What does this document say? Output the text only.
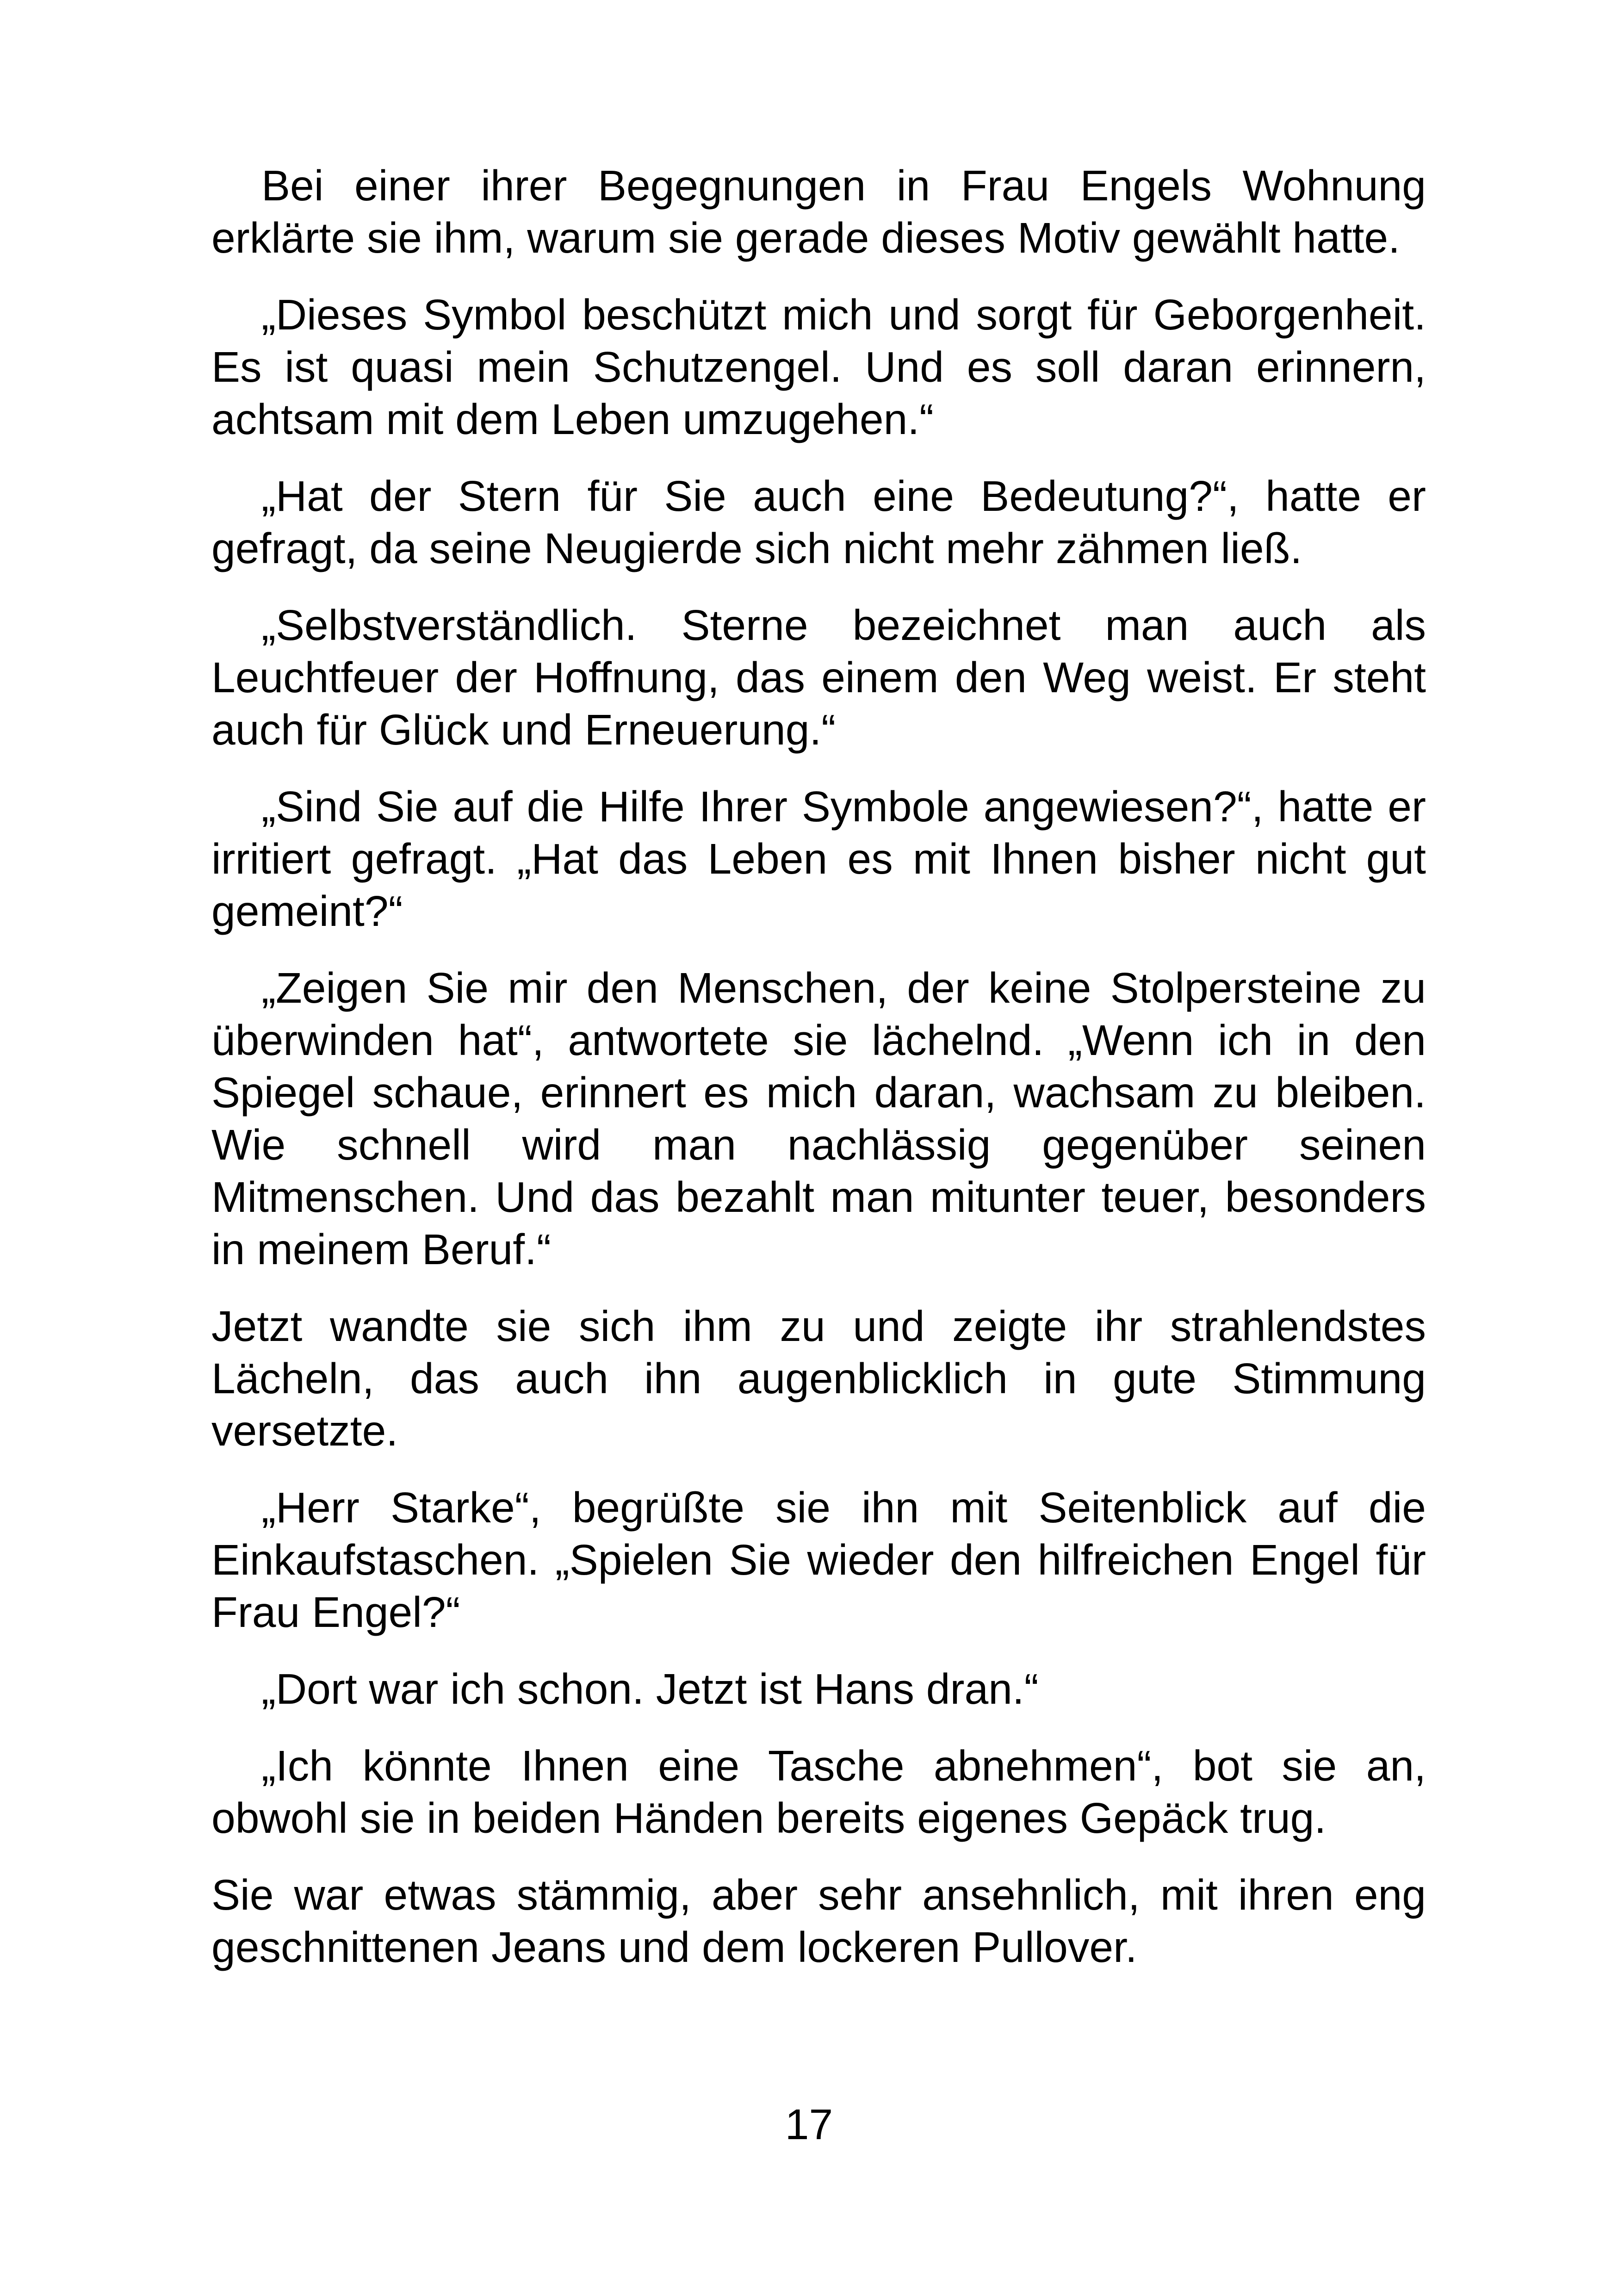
Bei einer ihrer Begegnungen in Frau Engels Wohnung erklärte sie ihm, warum sie gerade dieses Motiv gewählt hatte.

„Dieses Symbol beschützt mich und sorgt für Geborgenheit. Es ist quasi mein Schutzengel. Und es soll daran erinnern, achtsam mit dem Leben umzugehen.“

„Hat der Stern für Sie auch eine Bedeutung?“, hatte er gefragt, da seine Neugierde sich nicht mehr zähmen ließ.

„Selbstverständlich. Sterne bezeichnet man auch als Leuchtfeuer der Hoffnung, das einem den Weg weist. Er steht auch für Glück und Erneuerung.“

„Sind Sie auf die Hilfe Ihrer Symbole angewiesen?“, hatte er irritiert gefragt. „Hat das Leben es mit Ihnen bisher nicht gut gemeint?“

„Zeigen Sie mir den Menschen, der keine Stolpersteine zu überwinden hat“, antwortete sie lächelnd. „Wenn ich in den Spiegel schaue, erinnert es mich daran, wachsam zu bleiben. Wie schnell wird man nachlässig gegenüber seinen Mitmenschen. Und das bezahlt man mitunter teuer, besonders in meinem Beruf.“

Jetzt wandte sie sich ihm zu und zeigte ihr strahlendstes Lächeln, das auch ihn augenblicklich in gute Stimmung versetzte.

„Herr Starke“, begrüßte sie ihn mit Seitenblick auf die Einkaufstaschen. „Spielen Sie wieder den hilfreichen Engel für Frau Engel?“

„Dort war ich schon. Jetzt ist Hans dran.“

„Ich könnte Ihnen eine Tasche abnehmen“, bot sie an, obwohl sie in beiden Händen bereits eigenes Gepäck trug.

Sie war etwas stämmig, aber sehr ansehnlich, mit ihren eng geschnittenen Jeans und dem lockeren Pullover.

17
